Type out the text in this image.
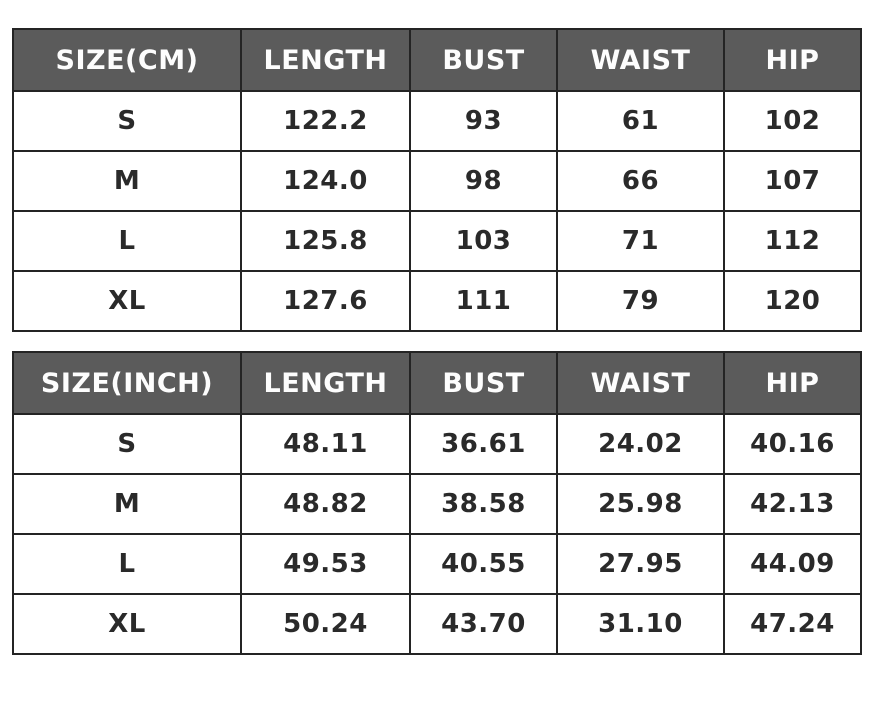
SIZE(CM)	LENGTH	BUST	WAIST	HIP
S	122.2	93	61	102
M	124.0	98	66	107
L	125.8	103	71	112
XL	127.6	111	79	120
SIZE(INCH)	LENGTH	BUST	WAIST	HIP
S	48.11	36.61	24.02	40.16
M	48.82	38.58	25.98	42.13
L	49.53	40.55	27.95	44.09
XL	50.24	43.70	31.10	47.24
